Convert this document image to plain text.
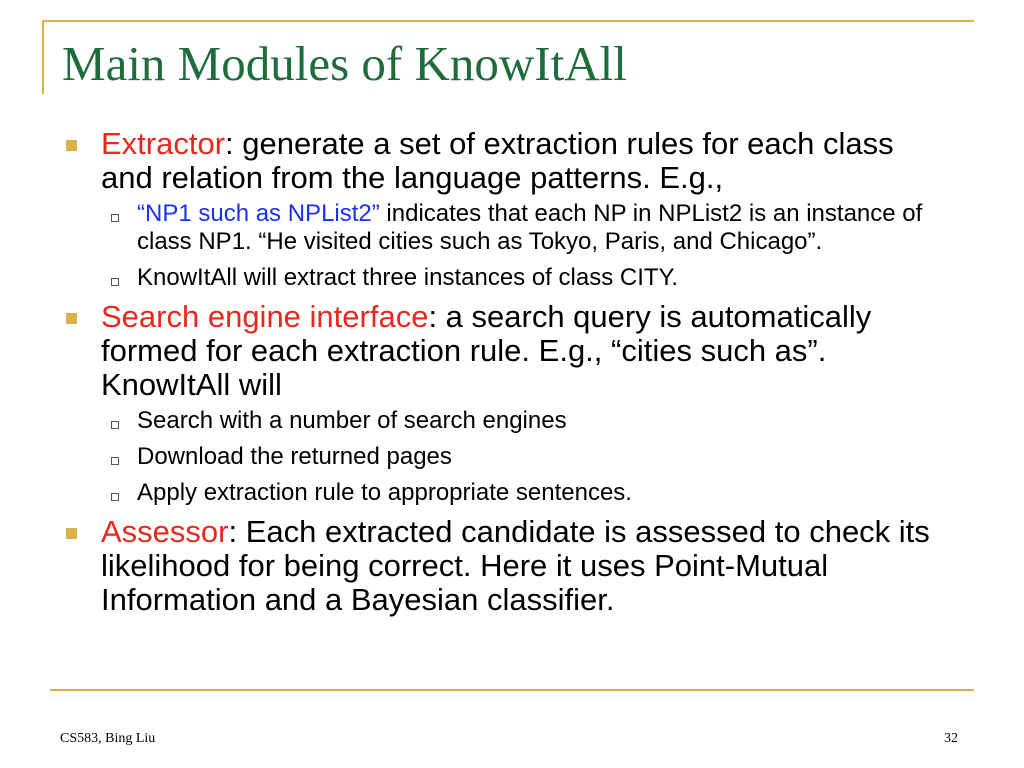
Main Modules of KnowItAll
Extractor: generate a set of extraction rules for each class and relation from the language patterns. E.g.,
“NP1 such as NPList2” indicates that each NP in NPList2 is an instance of class NP1. “He visited cities such as Tokyo, Paris, and Chicago”.
KnowItAll will extract three instances of class CITY.
Search engine interface: a search query is automatically formed for each extraction rule. E.g., “cities such as”. KnowItAll will
Search with a number of search engines
Download the returned pages
Apply extraction rule to appropriate sentences.
Assessor: Each extracted candidate is assessed to check its likelihood for being correct. Here it uses Point-Mutual Information and a Bayesian classifier.
CS583, Bing Liu	32
